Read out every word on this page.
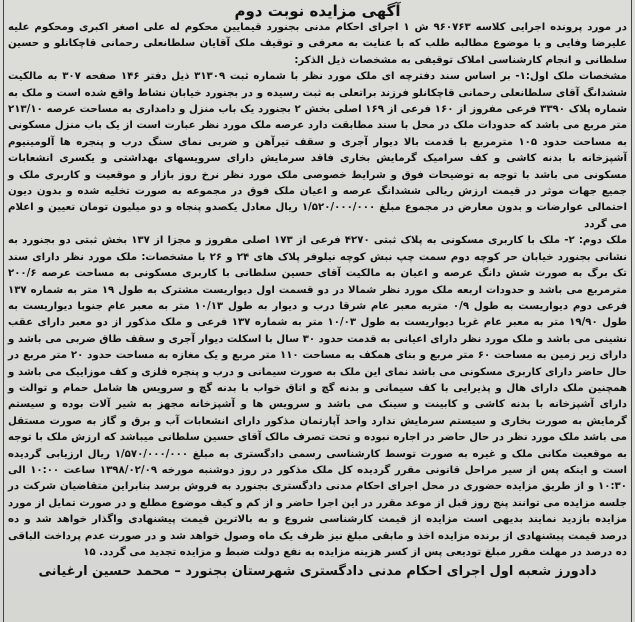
آگهی مزایده نوبت دوم

در مورد پرونده اجرایی کلاسه ۹۶۰۷۶۳ ش ۱ اجرای احکام مدنی بجنورد قیمایین محکوم له علی اصغر اکبری ومحکوم علیه علیرضا وفایی و یا موضوع مطالبه طلب که با عنایت به معرفی و توقیف ملک آقایان سلطانعلی رحمانی قاچکانلو و حسین سلطانی و انجام کارشناسی املاک توقیفی به مشخصات ذیل الذکر:

مشخصات ملک اول:۱- بر اساس سند دفترچه ای ملک مورد نظر با شماره ثبت ۳۱۳۰۹ ذیل دفتر ۱۴۶ صفحه ۳۰۷ به مالکیت ششدانگ آقای سلطانعلی رحمانی قاچکانلو فرزند براتعلی به ثبت رسیده و در بجنورد خیابان نشاط واقع شده است و ملک به شماره پلاک ۳۳۹۰ فرعی مفروز از ۱۶۰ فرعی از ۱۶۹ اصلی بخش ۲ بجنورد یک باب منزل و دامداری به مساحت عرصه ۲۱۳/۱۰ متر مربع می باشد که حدودات ملک در محل با سند مطابقت دارد عرصه ملک مورد نظر عبارت است از یک باب منزل مسکونی به مساحت حدود ۱۰۵ مترمربع با قدمت بالا دیوار آجری و سقف تیرآهن و ضربی نمای سنگ درب و پنجره ها آلومینیوم آشپزخانه با بدنه کاشی و کف سرامیک گرمایش بخاری فاقد سرمایش دارای سرویسهای بهداشتی و یکسری انشعابات مسکونی می باشد با توجه به توضیحات فوق و شرایط خصوصی ملک مورد نظر نرخ روز بازار و موقعیت و کاربری ملک و جمیع جهات موثر در قیمت ارزش ریالی ششدانگ عرصه و اعیان ملک فوق در مجموعه به صورت تخلیه شده و بدون دیون احتمالی عوارضات و بدون معارض در مجموع مبلغ ۱/۵۲۰/۰۰۰/۰۰۰ ریال معادل یکصدو پنجاه و دو میلیون تومان تعیین و اعلام می گردد

ملک دوم: ۲- ملک با کاربری مسکونی به پلاک ثبتی ۴۲۷۰ فرعی از ۱۷۳ اصلی مفروز و مجزا از ۱۳۷ بخش ثبتی دو بجنورد به نشانی بجنورد خیابان حر کوچه دوم سمت چپ نبش کوچه نیلوفر پلاک های ۲۴ و ۲۶ با مشخصات: ملک مورد نظر دارای سند تک برگ به صورت شش دانگ عرصه و اعیان به مالکیت آقای حسین سلطانی با کاربری مسکونی به مساحت عرصه ۲۰۰/۶ مترمربع می باشد و حدودات اربعه ملک مورد نظر شمالا در دو قسمت اول دیواریست مشترک به طول ۱۹ متر به شماره ۱۳۷ فرعی دوم دیواریست به طول ۰/۹ متربه معبر عام شرقا درب و دیوار به طول ۱۰/۱۳ متر به معبر عام جنوبا دیواریست به طول ۱۹/۹۰ متر به معبر عام غربا دیواریست به طول ۱۰/۰۳ متر به شماره ۱۳۷ فرعی و ملک مذکور از دو معبر دارای عقب نشینی می باشد و ملک مورد نظر دارای اعیانی به قدمت حدود ۳۰ سال با اسکلت دیوار آجری و سقف طاق ضربی می باشد و دارای زیر زمین به مساحت ۶۰ متر مربع و بنای همکف به مساحت ۱۱۰ متر مربع و یک مغازه به مساحت حدود ۲۰ متر مربع در حال حاضر دارای کاربری مسکونی می باشد نمای این ملک به صورت سیمانی و درب و پنجره فلزی و کف موزاییک می باشد و همچنین ملک دارای هال و پذیرایی با کف سیمانی و بدنه گچ و اتاق خواب با بدنه گچ و سرویس ها شامل حمام و توالت و دارای آشپزخانه با بدنه کاشی و کابینت و سینک می باشد و سرویس ها و آشپزخانه مجهز به شیر آلات بوده و سیستم گرمایش به صورت بخاری و سیستم سرمایش ندارد واحد آپارتمان مذکور دارای انشعابات آب و برق و گاز به صورت مستقل می باشد ملک مورد نظر در حال حاضر در اجاره نبوده و تحت تصرف مالک آقای حسین سلطانی میباشد که ارزش ملک با توجه به موقعیت مکانی ملک و غیره به صورت توسط کارشناسی رسمی دادگستری به مبلغ ۱/۵۷۰/۰۰۰/۰۰۰ ریال ارزیابی گردیده است و اینکه پس از سیر مراحل قانونی مقرر گردیده کل ملک مذکور در روز دوشنبه مورخه ۱۳۹۸/۰۲/۰۹ ساعت ۱۰:۰۰ الی ۱۰:۳۰ و از طریق مزایده حضوری در محل اجرای احکام مدنی دادگستری بجنورد به فروش برسد بنابراین متقاضیان شرکت در جلسه مزایده می توانند پنج روز قبل از موعد مقرر در این اجرا حاضر و از کم و کیف موضوع مطلع و در صورت تمایل از مورد مزایده بازدید نمایند بدیهی است مزایده از قیمت کارشناسی شروع و به بالاترین قیمت پیشنهادی واگذار خواهد شد و ده درصد قیمت پیشنهادی از برنده مزایده اخذ و مابقی مبلغ نیز ظرف یک ماه وصول خواهد شد و در صورت عدم پرداخت الباقی ده درصد در مهلت مقرر مبلغ تودیعی پس از کسر هزینه مزایده به نفع دولت ضبط و مزایده تجدید می گردد. ۱۵

دادورز شعبه اول اجرای احکام مدنی دادگستری شهرستان بجنورد – محمد حسین ارغیانی
